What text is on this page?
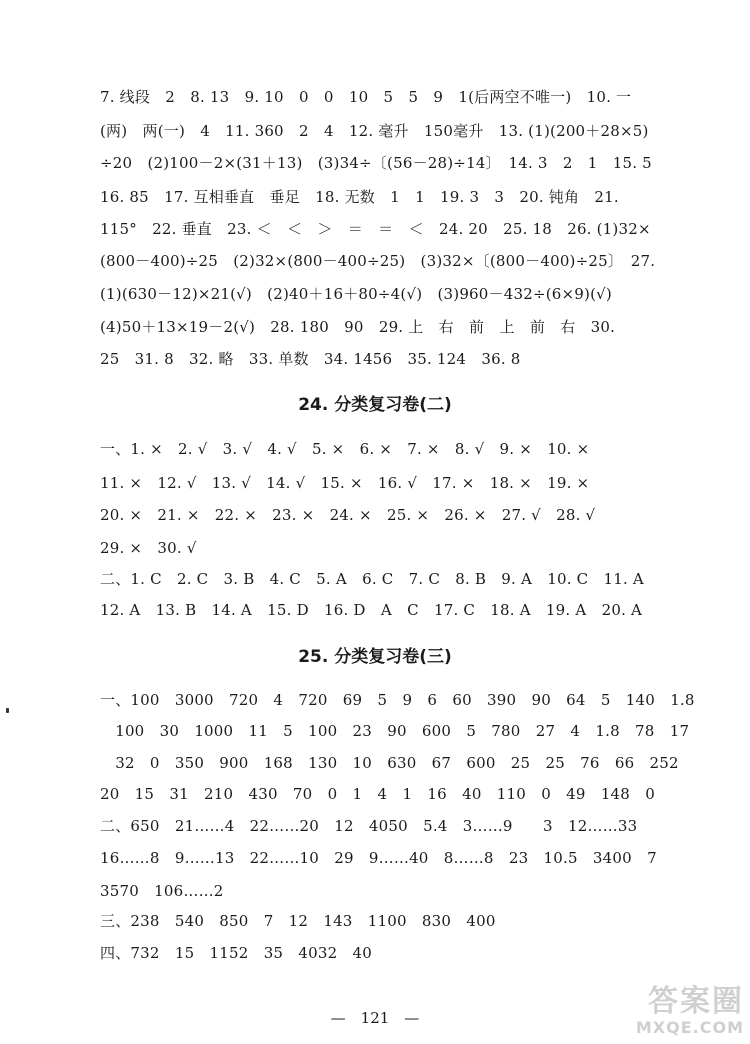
7. 线段　2　8. 13　9. 10　0　0　10　5　5　9　1(后两空不唯一)　10. 一
(两)　两(一)　4　11. 360　2　4　12. 毫升　150毫升　13. (1)(200＋28×5)
÷20　(2)100－2×(31＋13)　(3)34÷〔(56－28)÷14〕　14. 3　2　1　15. 5
16. 85　17. 互相垂直　垂足　18. 无数　1　1　19. 3　3　20. 钝角　21.
115°　22. 垂直　23. ＜　＜　＞　＝　＝　＜　24. 20　25. 18　26. (1)32×
(800－400)÷25　(2)32×(800－400÷25)　(3)32×〔(800－400)÷25〕　27.
(1)(630－12)×21(√)　(2)40＋16＋80÷4(√)　(3)960－432÷(6×9)(√)
(4)50＋13×19－2(√)　28. 180　90　29. 上　右　前　上　前　右　30.
25　31. 8　32. 略　33. 单数　34. 1456　35. 124　36. 8
24. 分类复习卷(二)
一、1. ×　2. √　3. √　4. √　5. ×　6. ×　7. ×　8. √　9. ×　10. ×
11. ×　12. √　13. √　14. √　15. ×　16. √　17. ×　18. ×　19. ×
20. ×　21. ×　22. ×　23. ×　24. ×　25. ×　26. ×　27. √　28. √
29. ×　30. √
二、1. C　2. C　3. B　4. C　5. A　6. C　7. C　8. B　9. A　10. C　11. A
12. A　13. B　14. A　15. D　16. D　A　C　17. C　18. A　19. A　20. A
25. 分类复习卷(三)
一、100　3000　720　4　720　69　5　9　6　60　390　90　64　5　140　1.8
　100　30　1000　11　5　100　23　90　600　5　780　27　4　1.8　78　17
　32　0　350　900　168　130　10　630　67　600　25　25　76　66　252
20　15　31　210　430　70　0　1　4　1　16　40　110　0　49　148　0
二、650　21……4　22……20　12　4050　5.4　3……9　　3　12……33
16……8　9……13　22……10　29　9……40　8……8　23　10.5　3400　7
3570　106……2
三、238　540　850　7　12　143　1100　830　400
四、732　15　1152　35　4032　40
—　121　—	答案圈
MXQE.COM
